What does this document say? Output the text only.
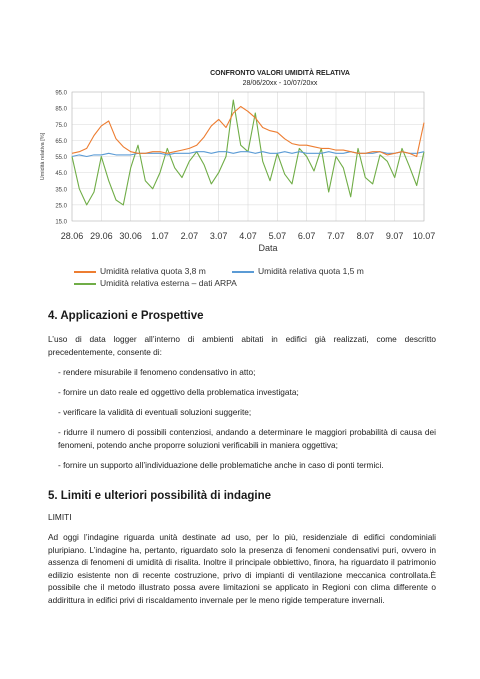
CONFRONTO VALORI UMIDITÀ RELATIVA
28/06/20xx - 10/07/20xx
95.0
85.0
75.0
65.0
55.0
45.0
35.0
25.0
15.0
28.06 29.06 30.06 1.07 2.07 3.07 4.07 5.07 6.07 7.07 8.07 9.07 10.07
Umidità relativa [%]
Data
Umidità relativa quota 3,8 m	Umidità relativa quota 1,5 m
Umidità relativa esterna – dati ARPA
4. Applicazioni e Prospettive

L’uso di data logger all’interno di ambienti abitati in edifici già realizzati, come descritto

precedentemente, consente di:

- rendere misurabile il fenomeno condensativo in atto;

- fornire un dato reale ed oggettivo della problematica investigata;

- verificare la validità di eventuali soluzioni suggerite;

- ridurre il numero di possibili contenziosi, andando a determinare le maggiori probabilità di causa dei fenomeni, potendo anche proporre soluzioni verificabili in maniera oggettiva;

- fornire un supporto all’individuazione delle problematiche anche in caso di ponti termici.

5. Limiti e ulteriori possibilità di indagine
LIMITI

Ad oggi l’indagine riguarda unità destinate ad uso, per lo più, residenziale di edifici condominiali pluripiano. L’indagine ha, pertanto, riguardato solo la presenza di fenomeni condensativi puri, ovvero in assenza di fenomeni di umidità di risalita. Inoltre il principale obbiettivo, finora, ha riguardato il patrimonio edilizio esistente non di recente costruzione, privo di impianti di ventilazione meccanica controllata.È possibile che il metodo illustrato possa avere limitazioni se applicato in Regioni con clima differente o addirittura in edifici privi di riscaldamento invernale per le meno rigide temperature invernali.
